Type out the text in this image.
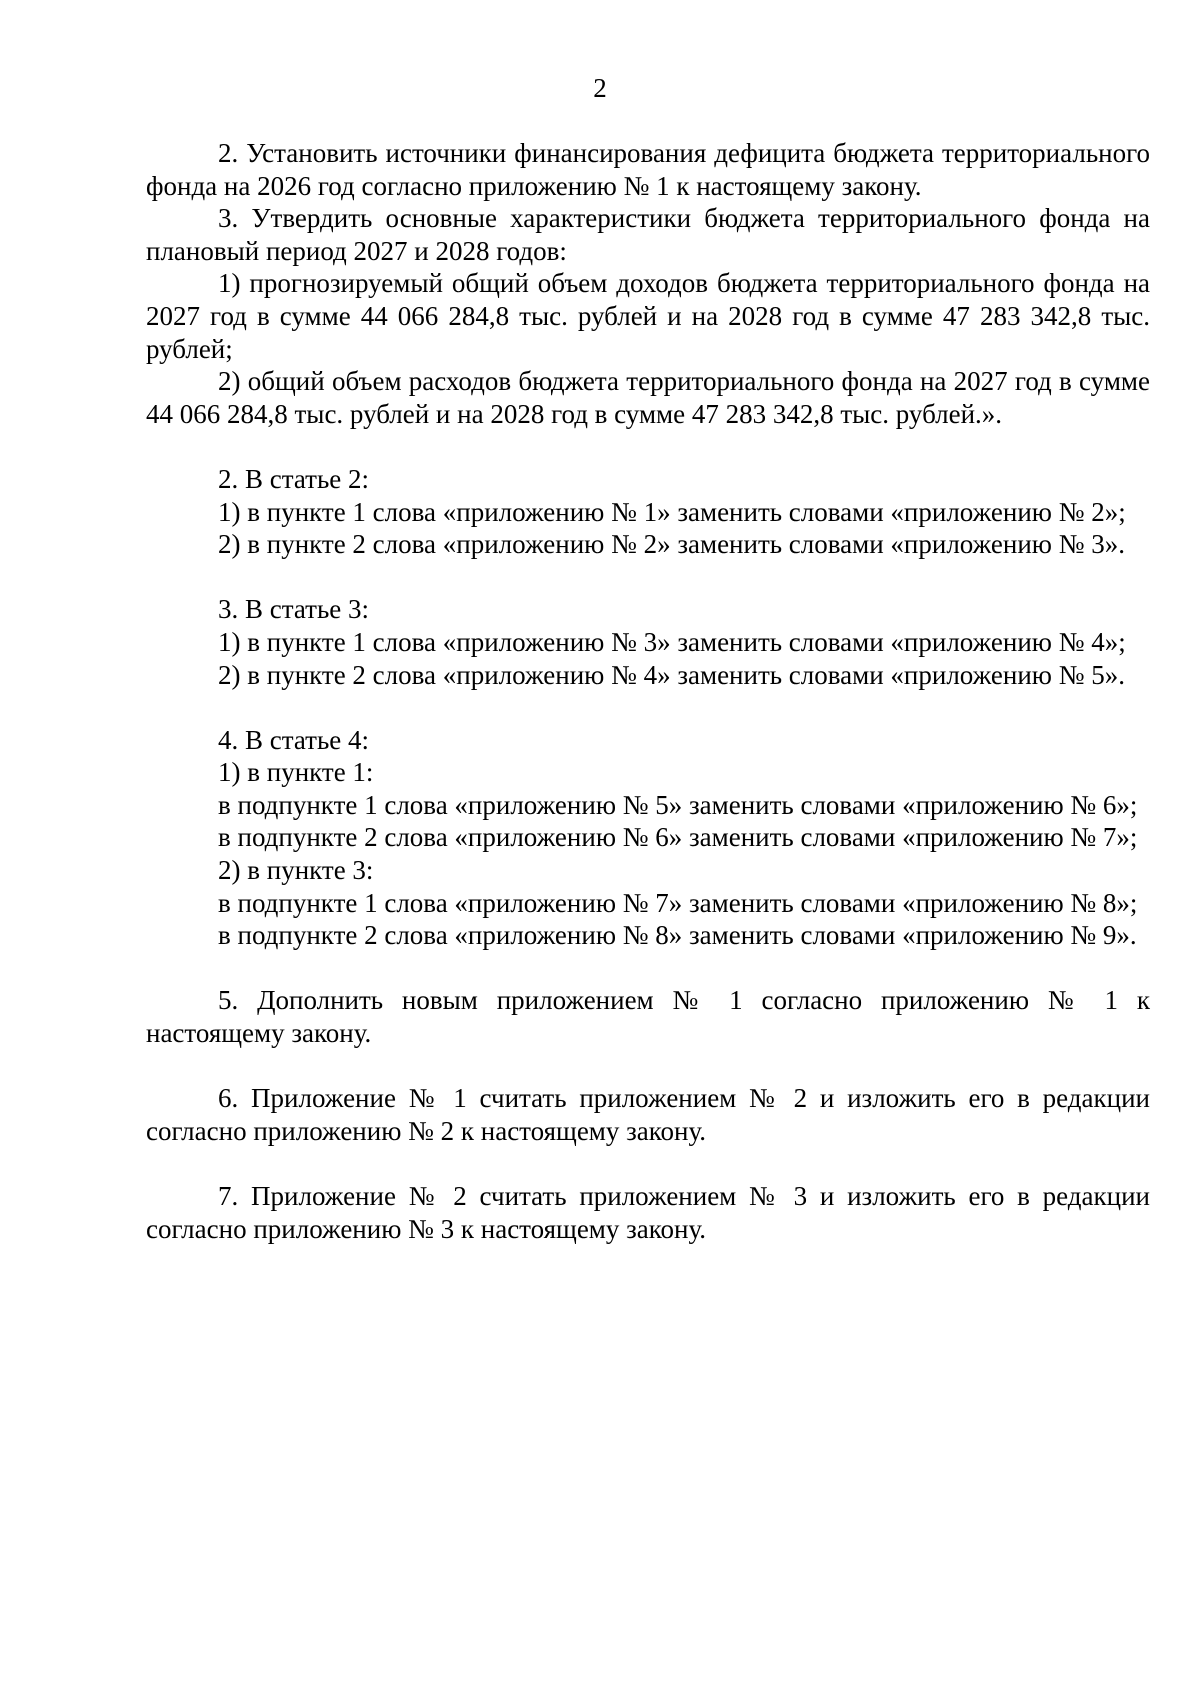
2

2. Установить источники финансирования дефицита бюджета территориального фонда на 2026 год согласно приложению № 1 к настоящему закону.

3. Утвердить основные характеристики бюджета территориального фонда на плановый период 2027 и 2028 годов:

1) прогнозируемый общий объем доходов бюджета территориального фонда на 2027 год в сумме 44 066 284,8 тыс. рублей и на 2028 год в сумме 47 283 342,8 тыс. рублей;

2) общий объем расходов бюджета территориального фонда на 2027 год в сумме 44 066 284,8 тыс. рублей и на 2028 год в сумме 47 283 342,8 тыс. рублей.».

2. В статье 2:

1) в пункте 1 слова «приложению № 1» заменить словами «приложению № 2»;

2) в пункте 2 слова «приложению № 2» заменить словами «приложению № 3».

3. В статье 3:

1) в пункте 1 слова «приложению № 3» заменить словами «приложению № 4»;

2) в пункте 2 слова «приложению № 4» заменить словами «приложению № 5».

4. В статье 4:

1) в пункте 1:

в подпункте 1 слова «приложению № 5» заменить словами «приложению № 6»;

в подпункте 2 слова «приложению № 6» заменить словами «приложению № 7»;

2) в пункте 3:

в подпункте 1 слова «приложению № 7» заменить словами «приложению № 8»;

в подпункте 2 слова «приложению № 8» заменить словами «приложению № 9».

5. Дополнить новым приложением № 1 согласно приложению № 1 к настоящему закону.

6. Приложение № 1 считать приложением № 2 и изложить его в редакции согласно приложению № 2 к настоящему закону.

7. Приложение № 2 считать приложением № 3 и изложить его в редакции согласно приложению № 3 к настоящему закону.
